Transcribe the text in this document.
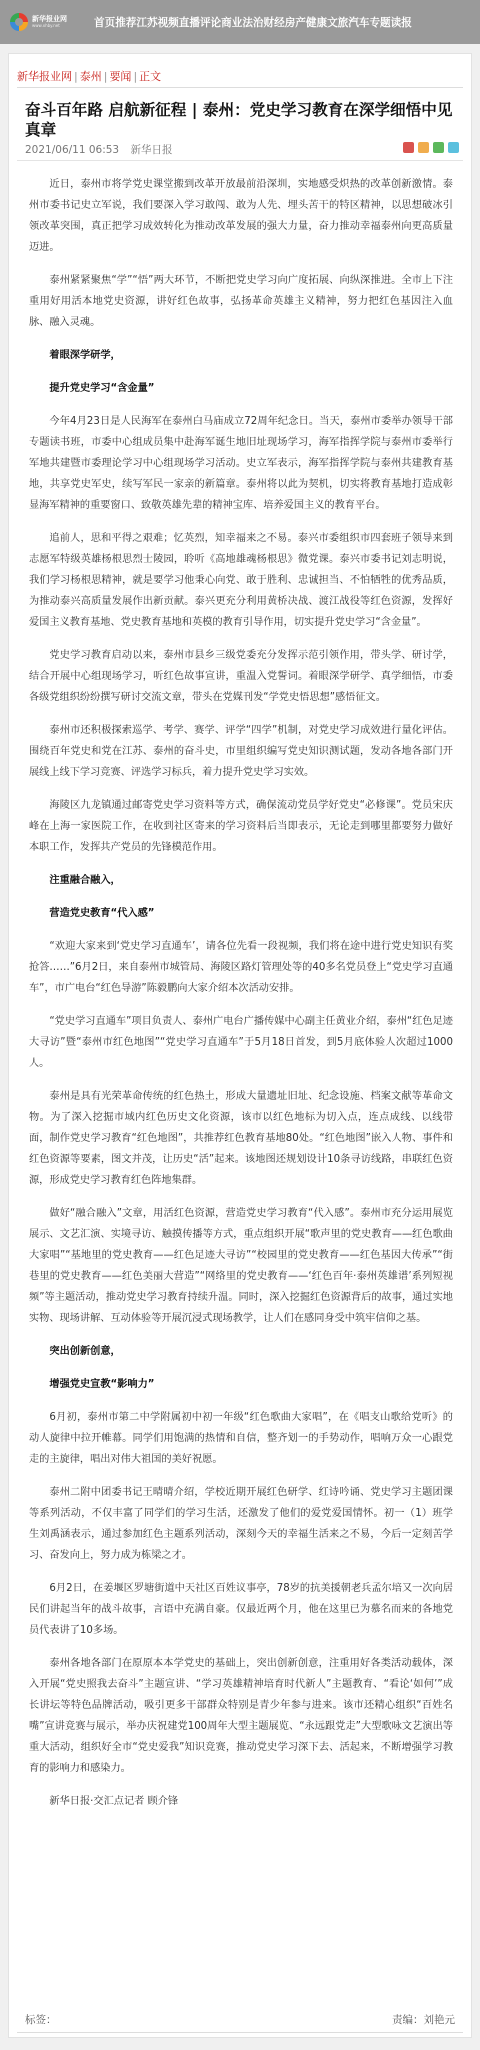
新华报业网
www.xhby.net	首页 推荐 江苏 视频 直播 评论 商业 法治 财经 房产 健康 文旅 汽车 专题 读报
新华报业网 | 泰州 | 要闻 | 正文
奋斗百年路 启航新征程 | 泰州：党史学习教育在深学细悟中见真章
2021/06/11 06:53 新华日报

近日，泰州市将学党史课堂搬到改革开放最前沿深圳，实地感受炽热的改革创新激情。泰州市委书记史立军说，我们要深入学习敢闯、敢为人先、埋头苦干的特区精神，以思想破冰引领改革突围，真正把学习成效转化为推动改革发展的强大力量，奋力推动幸福泰州向更高质量迈进。

泰州紧紧聚焦“学”“悟”两大环节，不断把党史学习向广度拓展、向纵深推进。全市上下注重用好用活本地党史资源，讲好红色故事，弘扬革命英雄主义精神，努力把红色基因注入血脉、融入灵魂。

着眼深学研学，

提升党史学习“含金量”

今年4月23日是人民海军在泰州白马庙成立72周年纪念日。当天，泰州市委举办领导干部专题读书班，市委中心组成员集中赴海军诞生地旧址现场学习，海军指挥学院与泰州市委举行军地共建暨市委理论学习中心组现场学习活动。史立军表示，海军指挥学院与泰州共建教育基地，共享党史军史，续写军民一家亲的新篇章。泰州将以此为契机，切实将教育基地打造成彰显海军精神的重要窗口、致敬英雄先辈的精神宝库、培养爱国主义的教育平台。

追前人，思和平得之艰难；忆英烈，知幸福来之不易。泰兴市委组织市四套班子领导来到志愿军特级英雄杨根思烈士陵园，聆听《高地雄魂杨根思》微党课。泰兴市委书记刘志明说，我们学习杨根思精神，就是要学习他秉心向党、敢于胜利、忠诚担当、不怕牺牲的优秀品质，为推动泰兴高质量发展作出新贡献。泰兴更充分利用黄桥决战、渡江战役等红色资源，发挥好爱国主义教育基地、党史教育基地和英模的教育引导作用，切实提升党史学习“含金量”。

党史学习教育启动以来，泰州市县乡三级党委充分发挥示范引领作用，带头学、研讨学，结合开展中心组现场学习，听红色故事宣讲，重温入党誓词。着眼深学研学、真学细悟，市委各级党组织纷纷撰写研讨交流文章，带头在党媒刊发“学党史悟思想”感悟征文。

泰州市还积极探索巡学、考学、赛学、评学“四学”机制，对党史学习成效进行量化评估。围绕百年党史和党在江苏、泰州的奋斗史，市里组织编写党史知识测试题，发动各地各部门开展线上线下学习竞赛、评选学习标兵，着力提升党史学习实效。

海陵区九龙镇通过邮寄党史学习资料等方式，确保流动党员学好党史“必修课”。党员宋庆峰在上海一家医院工作，在收到社区寄来的学习资料后当即表示，无论走到哪里都要努力做好本职工作，发挥共产党员的先锋模范作用。

注重融合融入，

营造党史教育“代入感”

“欢迎大家来到‘党史学习直通车’，请各位先看一段视频，我们将在途中进行党史知识有奖抢答……”6月2日，来自泰州市城管局、海陵区路灯管理处等的40多名党员登上“党史学习直通车”，市广电台“红色导游”陈毅鹏向大家介绍本次活动安排。

“党史学习直通车”项目负责人、泰州广电台广播传媒中心副主任黄业介绍，泰州“红色足迹大寻访”暨“泰州市红色地图”“党史学习直通车”于5月18日首发，到5月底体验人次超过1000人。

泰州是具有光荣革命传统的红色热土，形成大量遗址旧址、纪念设施、档案文献等革命文物。为了深入挖掘市域内红色历史文化资源，该市以红色地标为切入点，连点成线、以线带面，制作党史学习教育“红色地图”，共推荐红色教育基地80处。“红色地图”嵌入人物、事件和红色资源等要素，图文并茂，让历史“活”起来。该地图还规划设计10条寻访线路，串联红色资源，形成党史学习教育红色阵地集群。

做好“融合融入”文章，用活红色资源，营造党史学习教育“代入感”。泰州市充分运用展览展示、文艺汇演、实境寻访、触摸传播等方式，重点组织开展“歌声里的党史教育——红色歌曲大家唱”“基地里的党史教育——红色足迹大寻访”“校园里的党史教育——红色基因大传承”“街巷里的党史教育——红色美丽大营造”“网络里的党史教育——‘红色百年·泰州英雄谱’系列短视频”等主题活动，推动党史学习教育持续升温。同时，深入挖掘红色资源背后的故事，通过实地实物、现场讲解、互动体验等开展沉浸式现场教学，让人们在感同身受中筑牢信仰之基。

突出创新创意，

增强党史宣教“影响力”

6月初，泰州市第二中学附属初中初一年级“红色歌曲大家唱”，在《唱支山歌给党听》的动人旋律中拉开帷幕。同学们用饱满的热情和自信，整齐划一的手势动作，唱响万众一心跟党走的主旋律，唱出对伟大祖国的美好祝愿。

泰州二附中团委书记王晴晴介绍，学校近期开展红色研学、红诗吟诵、党史学习主题团课等系列活动，不仅丰富了同学们的学习生活，还激发了他们的爱党爱国情怀。初一（1）班学生刘禹涵表示，通过参加红色主题系列活动，深刻今天的幸福生活来之不易，今后一定刻苦学习、奋发向上，努力成为栋梁之才。

6月2日，在姜堰区罗塘街道中天社区百姓议事亭，78岁的抗美援朝老兵孟尔培又一次向居民们讲起当年的战斗故事，言语中充满自豪。仅最近两个月，他在这里已为慕名而来的各地党员代表讲了10多场。

泰州各地各部门在原原本本学党史的基础上，突出创新创意，注重用好各类活动载体，深入开展“党史照我去奋斗”主题宣讲、“学习英雄精神培育时代新人”主题教育、“看论‘如何’”成长讲坛等特色品牌活动，吸引更多干部群众特别是青少年参与进来。该市还精心组织“百姓名嘴”宣讲竞赛与展示，举办庆祝建党100周年大型主题展览、“永远跟党走”大型歌咏文艺演出等重大活动，组织好全市“党史爱我”知识竞赛，推动党史学习深下去、活起来，不断增强学习教育的影响力和感染力。

新华日报·交汇点记者 顾介锋

标签：	责编：刘艳元
